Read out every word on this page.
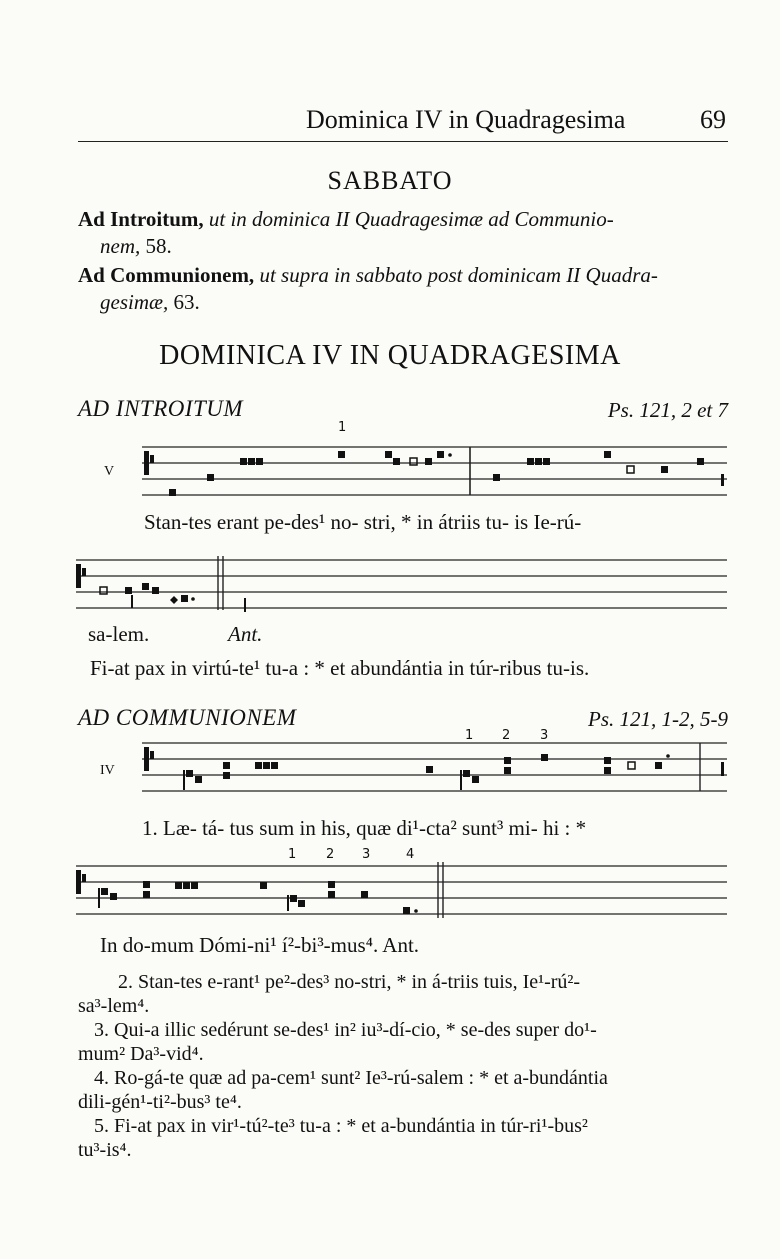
Dominica IV in Quadragesima	69
SABBATO
Ad Introitum, ut in dominica II Quadragesimæ ad Communio-
nem, 58.
Ad Communionem, ut supra in sabbato post dominicam II Quadra-
gesimæ, 63.
DOMINICA IV IN QUADRAGESIMA
AD INTROITUM	Ps. 121, 2 et 7
1
V
Stan-tes erant pe-des¹ no- stri, * in átriis tu- is Ie-rú-
sa-lem.	Ant.
Fi-at pax in virtú-te¹ tu-a : * et abundántia in túr-ribus tu-is.
AD COMMUNIONEM	Ps. 121, 1-2, 5-9
1 2 3
IV
1. Læ- tá- tus sum in his, quæ di¹-cta² sunt³ mi- hi : *
1 2 3	4
In do-mum Dómi-ni¹ í²-bi³-mus⁴. Ant.
2. Stan-tes e-rant¹ pe²-des³ no-stri, * in á-triis tuis, Ie¹-rú²-
sa³-lem⁴.
3. Qui-a illic sedérunt se-des¹ in² iu³-dí-cio, * se-des super do¹-
mum² Da³-vid⁴.
4. Ro-gá-te quæ ad pa-cem¹ sunt² Ie³-rú-salem : * et a-bundántia
dili-gén¹-ti²-bus³ te⁴.
5. Fi-at pax in vir¹-tú²-te³ tu-a : * et a-bundántia in túr-ri¹-bus²
tu³-is⁴.
